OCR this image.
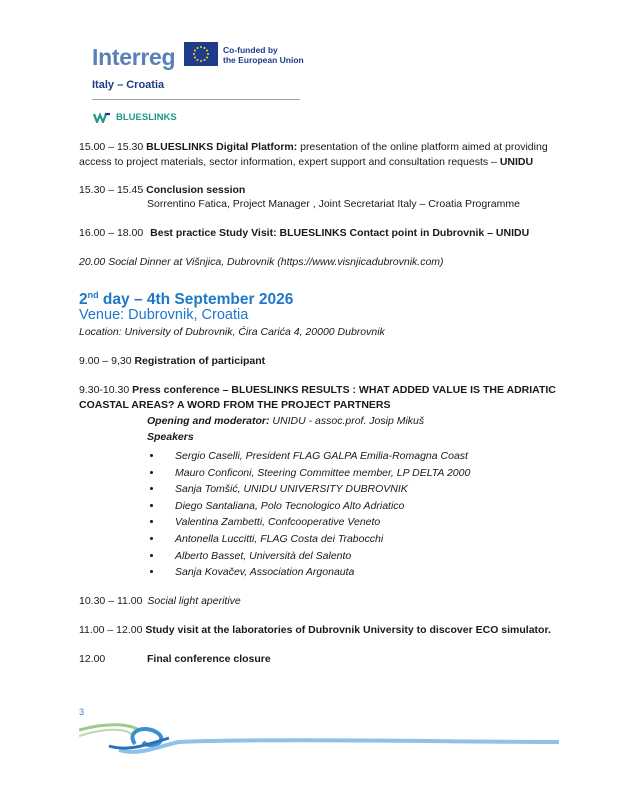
Interreg	Co-funded by
the European Union
Italy – Croatia
BLUESLINKS
15.00 – 15.30 BLUESLINKS Digital Platform: presentation of the online platform aimed at providing
access to project materials, sector information, expert support and consultation requests – UNIDU
15.30 – 15.45 Conclusion session
Sorrentino Fatica, Project Manager , Joint Secretariat Italy – Croatia Programme
16.00 – 18.00 Best practice Study Visit: BLUESLINKS Contact point in Dubrovnik – UNIDU
20.00 Social Dinner at Višnjica, Dubrovnik (https://www.visnjicadubrovnik.com)
2nd day – 4th September 2026
Venue: Dubrovnik, Croatia
Location: University of Dubrovnik, Ćira Carića 4, 20000 Dubrovnik
9.00 – 9,30 Registration of participant
9.30-10.30 Press conference – BLUESLINKS RESULTS : WHAT ADDED VALUE IS THE ADRIATIC
COASTAL AREAS? A WORD FROM THE PROJECT PARTNERS
Opening and moderator: UNIDU - assoc.prof. Josip Mikuš
Speakers
• Sergio Caselli, President FLAG GALPA Emilia-Romagna Coast
• Mauro Conficoni, Steering Committee member, LP DELTA 2000
• Sanja Tomšić, UNIDU UNIVERSITY DUBROVNIK
• Diego Santaliana, Polo Tecnologico Alto Adriatico
• Valentina Zambetti, Confcooperative Veneto
• Antonella Luccitti, FLAG Costa dei Trabocchi
• Alberto Basset, Università del Salento
• Sanja Kovačev, Association Argonauta
10.30 – 11.00 Social light aperitive
11.00 – 12.00 Study visit at the laboratories of Dubrovnik University to discover ECO simulator.
12.00	Final conference closure
3
